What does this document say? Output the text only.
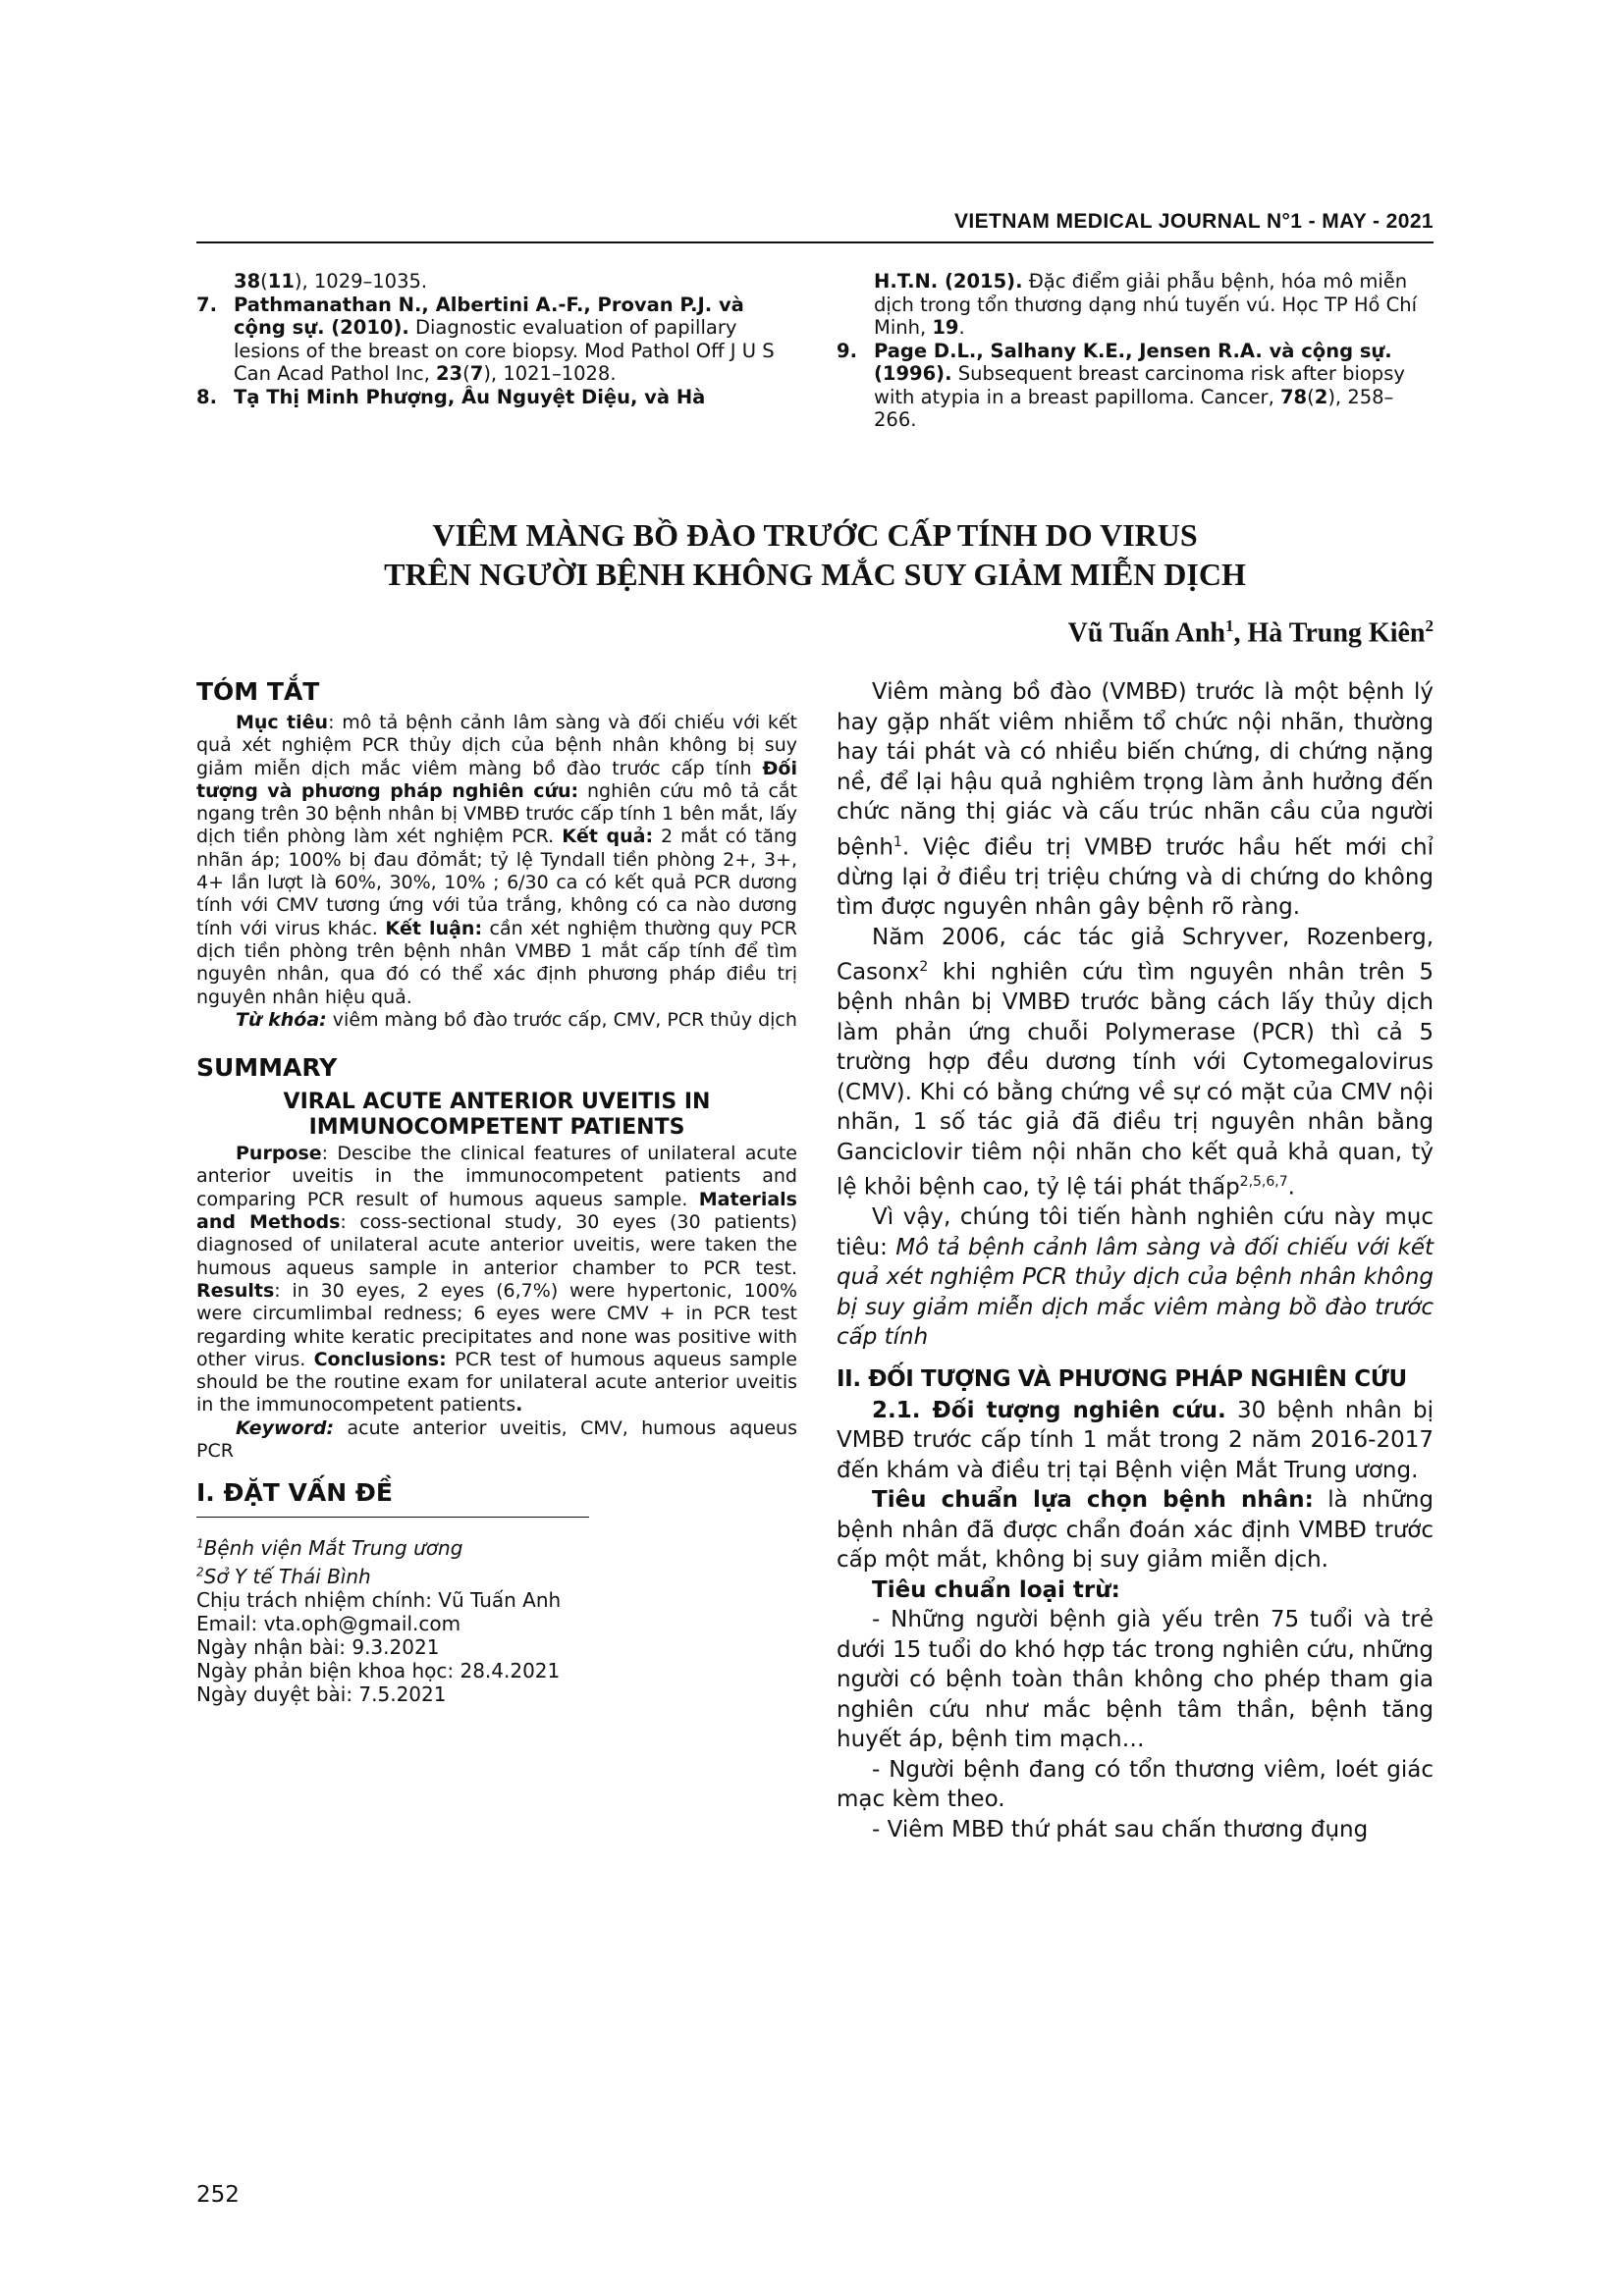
VIETNAM MEDICAL JOURNAL N°1 - MAY - 2021

38(11), 1029–1035.

7. Pathmanathan N., Albertini A.-F., Provan P.J. và cộng sự. (2010). Diagnostic evaluation of papillary lesions of the breast on core biopsy. Mod Pathol Off J U S Can Acad Pathol Inc, 23(7), 1021–1028.
8. Tạ Thị Minh Phượng, Âu Nguyệt Diệu, và Hà

H.T.N. (2015). Đặc điểm giải phẫu bệnh, hóa mô miễn dịch trong tổn thương dạng nhú tuyến vú. Học TP Hồ Chí Minh, 19.

9. Page D.L., Salhany K.E., Jensen R.A. và cộng sự. (1996). Subsequent breast carcinoma risk after biopsy with atypia in a breast papilloma. Cancer, 78(2), 258–266.
VIÊM MÀNG BỒ ĐÀO TRƯỚC CẤP TÍNH DO VIRUS
TRÊN NGƯỜI BỆNH KHÔNG MẮC SUY GIẢM MIỄN DỊCH
Vũ Tuấn Anh$^1$, Hà Trung Kiên$^2$
TÓM TẮT

Mục tiêu: mô tả bệnh cảnh lâm sàng và đối chiếu với kết quả xét nghiệm PCR thủy dịch của bệnh nhân không bị suy giảm miễn dịch mắc viêm màng bồ đào trước cấp tính Đối tượng và phương pháp nghiên cứu: nghiên cứu mô tả cắt ngang trên 30 bệnh nhân bị VMBĐ trước cấp tính 1 bên mắt, lấy dịch tiền phòng làm xét nghiệm PCR. Kết quả: 2 mắt có tăng nhãn áp; 100% bị đau đỏmắt; tỷ lệ Tyndall tiền phòng 2+, 3+, 4+ lần lượt là 60%, 30%, 10% ; 6/30 ca có kết quả PCR dương tính với CMV tương ứng với tủa trắng, không có ca nào dương tính với virus khác. Kết luận: cần xét nghiệm thường quy PCR dịch tiền phòng trên bệnh nhân VMBĐ 1 mắt cấp tính để tìm nguyên nhân, qua đó có thể xác định phương pháp điều trị nguyên nhân hiệu quả.

Từ khóa: viêm màng bồ đào trước cấp, CMV, PCR thủy dịch

SUMMARY
VIRAL ACUTE ANTERIOR UVEITIS IN
IMMUNOCOMPETENT PATIENTS

Purpose: Descibe the clinical features of unilateral acute anterior uveitis in the immunocompetent patients and comparing PCR result of humous aqueus sample. Materials and Methods: coss-sectional study, 30 eyes (30 patients) diagnosed of unilateral acute anterior uveitis, were taken the humous aqueus sample in anterior chamber to PCR test. Results: in 30 eyes, 2 eyes (6,7%) were hypertonic, 100% were circumlimbal redness; 6 eyes were CMV + in PCR test regarding white keratic precipitates and none was positive with other virus. Conclusions: PCR test of humous aqueus sample should be the routine exam for unilateral acute anterior uveitis in the immunocompetent patients.

Keyword: acute anterior uveitis, CMV, humous aqueus PCR

I. ĐẶT VẤN ĐỀ

$^1$Bệnh viện Mắt Trung ương

$^2$Sở Y tế Thái Bình

Chịu trách nhiệm chính: Vũ Tuấn Anh

Email: vta.oph@gmail.com

Ngày nhận bài: 9.3.2021

Ngày phản biện khoa học: 28.4.2021

Ngày duyệt bài: 7.5.2021

Viêm màng bồ đào (VMBĐ) trước là một bệnh lý hay gặp nhất viêm nhiễm tổ chức nội nhãn, thường hay tái phát và có nhiều biến chứng, di chứng nặng nề, để lại hậu quả nghiêm trọng làm ảnh hưởng đến chức năng thị giác và cấu trúc nhãn cầu của người bệnh$^1$. Việc điều trị VMBĐ trước hầu hết mới chỉ dừng lại ở điều trị triệu chứng và di chứng do không tìm được nguyên nhân gây bệnh rõ ràng.

Năm 2006, các tác giả Schryver, Rozenberg, Casonx$^2$ khi nghiên cứu tìm nguyên nhân trên 5 bệnh nhân bị VMBĐ trước bằng cách lấy thủy dịch làm phản ứng chuỗi Polymerase (PCR) thì cả 5 trường hợp đều dương tính với Cytomegalovirus (CMV). Khi có bằng chứng về sự có mặt của CMV nội nhãn, 1 số tác giả đã điều trị nguyên nhân bằng Ganciclovir tiêm nội nhãn cho kết quả khả quan, tỷ lệ khỏi bệnh cao, tỷ lệ tái phát thấp$^{2,5,6,7}$.

Vì vậy, chúng tôi tiến hành nghiên cứu này mục tiêu: Mô tả bệnh cảnh lâm sàng và đối chiếu với kết quả xét nghiệm PCR thủy dịch của bệnh nhân không bị suy giảm miễn dịch mắc viêm màng bồ đào trước cấp tính

II. ĐỐI TƯỢNG VÀ PHƯƠNG PHÁP NGHIÊN CỨU

2.1. Đối tượng nghiên cứu. 30 bệnh nhân bị VMBĐ trước cấp tính 1 mắt trong 2 năm 2016-2017 đến khám và điều trị tại Bệnh viện Mắt Trung ương.

Tiêu chuẩn lựa chọn bệnh nhân: là những bệnh nhân đã được chẩn đoán xác định VMBĐ trước cấp một mắt, không bị suy giảm miễn dịch.

Tiêu chuẩn loại trừ:

- Những người bệnh già yếu trên 75 tuổi và trẻ dưới 15 tuổi do khó hợp tác trong nghiên cứu, những người có bệnh toàn thân không cho phép tham gia nghiên cứu như mắc bệnh tâm thần, bệnh tăng huyết áp, bệnh tim mạch…

- Người bệnh đang có tổn thương viêm, loét giác mạc kèm theo.

- Viêm MBĐ thứ phát sau chấn thương đụng

252
